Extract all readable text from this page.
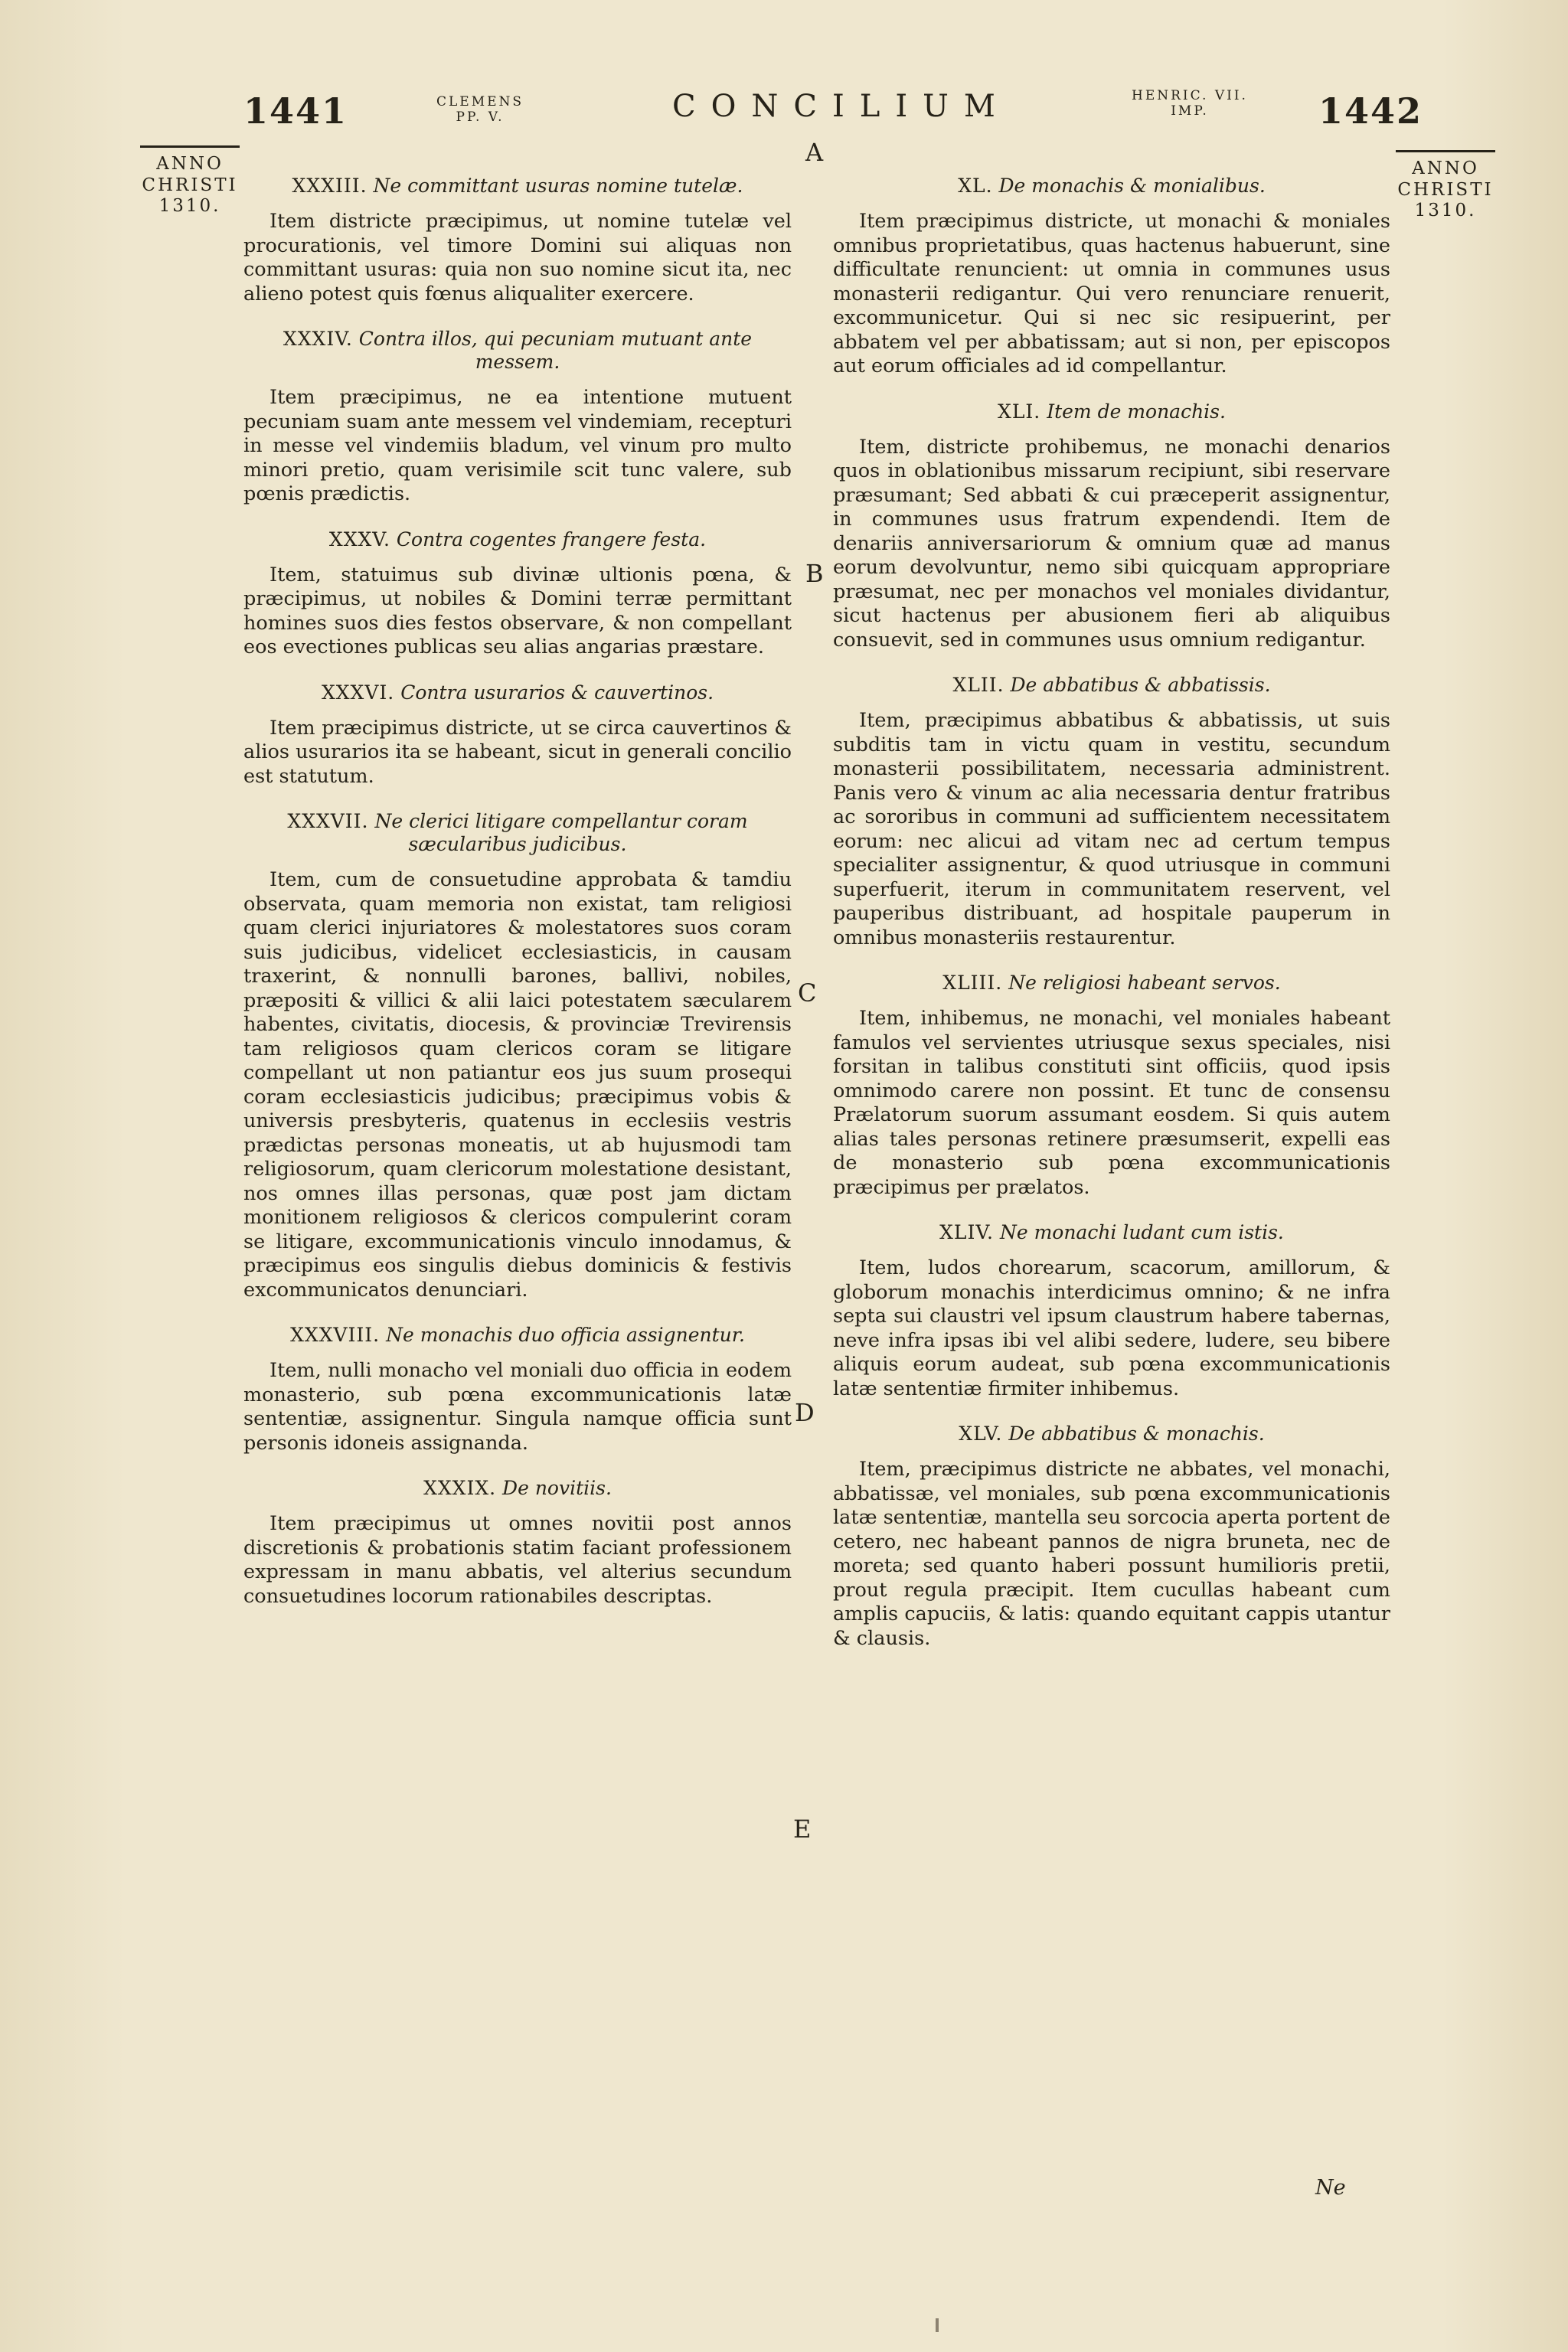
1441	CLEMENS
PP. V.	CONCILIUM	HENRIC. VII.
IMP.	1442
ANNO
CHRISTI
1310.
ANNO
CHRISTI
1310.
A
B
C
D
E
XXXIII. Ne committant usuras nomine tutelæ.
Item districte præcipimus, ut nomine tutelæ vel procurationis, vel timore Domini sui aliquas non committant usuras: quia non suo nomine sicut ita, nec alieno potest quis fœnus aliqualiter exercere.
XXXIV. Contra illos, qui pecuniam mutuant ante messem.
Item præcipimus, ne ea intentione mutuent pecuniam suam ante messem vel vindemiam, recepturi in messe vel vindemiis bladum, vel vinum pro multo minori pretio, quam verisimile scit tunc valere, sub pœnis prædictis.
XXXV. Contra cogentes frangere festa.
Item, statuimus sub divinæ ultionis pœna, & præcipimus, ut nobiles & Domini terræ permittant homines suos dies festos observare, & non compellant eos evectiones publicas seu alias angarias præstare.
XXXVI. Contra usurarios & cauvertinos.
Item præcipimus districte, ut se circa cauvertinos & alios usurarios ita se habeant, sicut in generali concilio est statutum.
XXXVII. Ne clerici litigare compellantur coram sæcularibus judicibus.
Item, cum de consuetudine approbata & tamdiu observata, quam memoria non existat, tam religiosi quam clerici injuriatores & molestatores suos coram suis judicibus, videlicet ecclesiasticis, in causam traxerint, & nonnulli barones, ballivi, nobiles, præpositi & villici & alii laici potestatem sæcularem habentes, civitatis, diocesis, & provinciæ Trevirensis tam religiosos quam clericos coram se litigare compellant ut non patiantur eos jus suum prosequi coram ecclesiasticis judicibus; præcipimus vobis & universis presbyteris, quatenus in ecclesiis vestris prædictas personas moneatis, ut ab hujusmodi tam religiosorum, quam clericorum molestatione desistant, nos omnes illas personas, quæ post jam dictam monitionem religiosos & clericos compulerint coram se litigare, excommunicationis vinculo innodamus, & præcipimus eos singulis diebus dominicis & festivis excommunicatos denunciari.
XXXVIII. Ne monachis duo officia assignentur.
Item, nulli monacho vel moniali duo officia in eodem monasterio, sub pœna excommunicationis latæ sententiæ, assignentur. Singula namque officia sunt personis idoneis assignanda.
XXXIX. De novitiis.
Item præcipimus ut omnes novitii post annos discretionis & probationis statim faciant professionem expressam in manu abbatis, vel alterius secundum consuetudines locorum rationabiles descriptas.
XL. De monachis & monialibus.
Item præcipimus districte, ut monachi & moniales omnibus proprietatibus, quas hactenus habuerunt, sine difficultate renuncient: ut omnia in communes usus monasterii redigantur. Qui vero renunciare renuerit, excommunicetur. Qui si nec sic resipuerint, per abbatem vel per abbatissam; aut si non, per episcopos aut eorum officiales ad id compellantur.
XLI. Item de monachis.
Item, districte prohibemus, ne monachi denarios quos in oblationibus missarum recipiunt, sibi reservare præsumant; Sed abbati & cui præceperit assignentur, in communes usus fratrum expendendi. Item de denariis anniversariorum & omnium quæ ad manus eorum devolvuntur, nemo sibi quicquam appropriare præsumat, nec per monachos vel moniales dividantur, sicut hactenus per abusionem fieri ab aliquibus consuevit, sed in communes usus omnium redigantur.
XLII. De abbatibus & abbatissis.
Item, præcipimus abbatibus & abbatissis, ut suis subditis tam in victu quam in vestitu, secundum monasterii possibilitatem, necessaria administrent. Panis vero & vinum ac alia necessaria dentur fratribus ac sororibus in communi ad sufficientem necessitatem eorum: nec alicui ad vitam nec ad certum tempus specialiter assignentur, & quod utriusque in communi superfuerit, iterum in communitatem reservent, vel pauperibus distribuant, ad hospitale pauperum in omnibus monasteriis restaurentur.
XLIII. Ne religiosi habeant servos.
Item, inhibemus, ne monachi, vel moniales habeant famulos vel servientes utriusque sexus speciales, nisi forsitan in talibus constituti sint officiis, quod ipsis omnimodo carere non possint. Et tunc de consensu Prælatorum suorum assumant eosdem. Si quis autem alias tales personas retinere præsumserit, expelli eas de monasterio sub pœna excommunicationis præcipimus per prælatos.
XLIV. Ne monachi ludant cum istis.
Item, ludos chorearum, scacorum, amillorum, & globorum monachis interdicimus omnino; & ne infra septa sui claustri vel ipsum claustrum habere tabernas, neve infra ipsas ibi vel alibi sedere, ludere, seu bibere aliquis eorum audeat, sub pœna excommunicationis latæ sententiæ firmiter inhibemus.
XLV. De abbatibus & monachis.
Item, præcipimus districte ne abbates, vel monachi, abbatissæ, vel moniales, sub pœna excommunicationis latæ sententiæ, mantella seu sorcocia aperta portent de cetero, nec habeant pannos de nigra bruneta, nec de moreta; sed quanto haberi possunt humilioris pretii, prout regula præcipit. Item cucullas habeant cum amplis capuciis, & latis: quando equitant cappis utantur & clausis.
Ne
